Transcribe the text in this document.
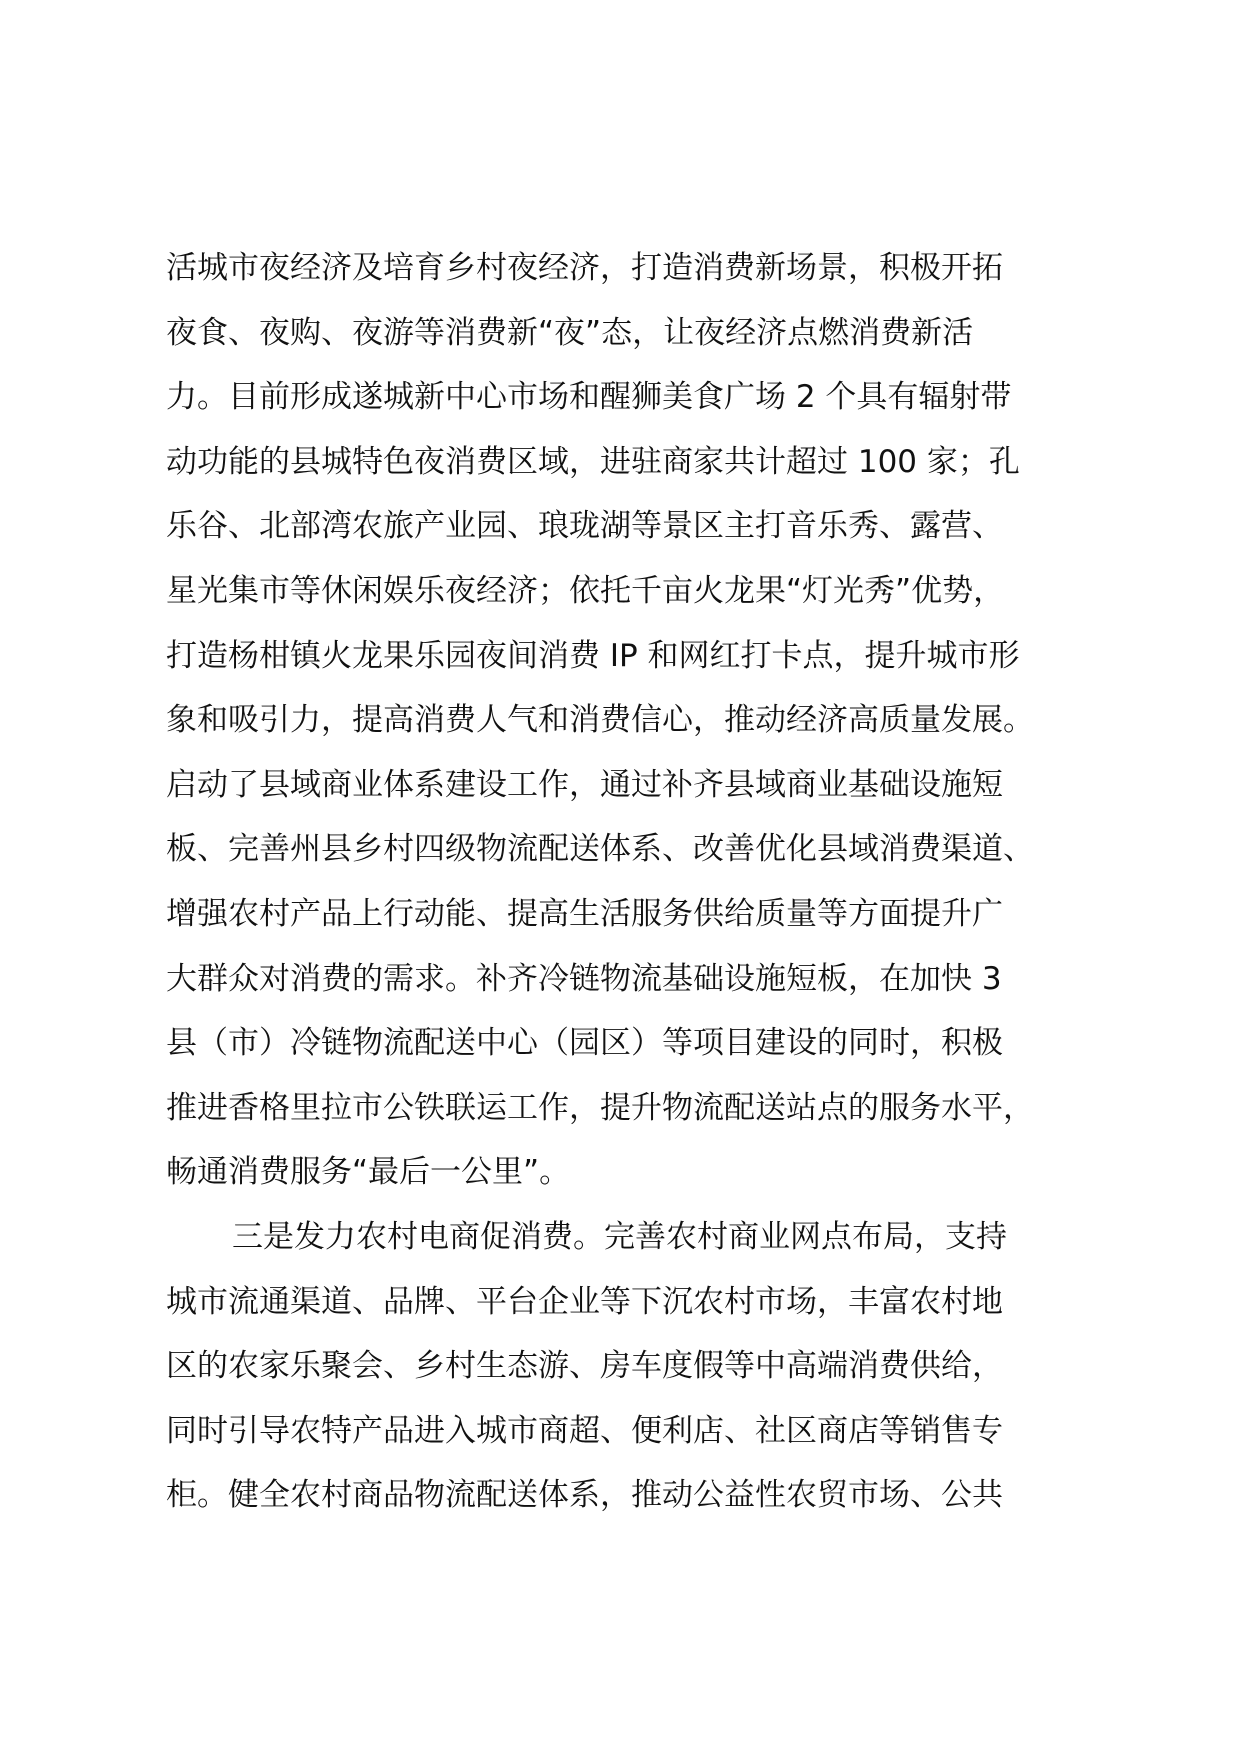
活城市夜经济及培育乡村夜经济，打造消费新场景，积极开拓
夜食、夜购、夜游等消费新“夜”态，让夜经济点燃消费新活
力。目前形成遂城新中心市场和醒狮美食广场 2 个具有辐射带
动功能的县城特色夜消费区域，进驻商家共计超过 100 家；孔
乐谷、北部湾农旅产业园、琅珑湖等景区主打音乐秀、露营、
星光集市等休闲娱乐夜经济；依托千亩火龙果“灯光秀”优势，
打造杨柑镇火龙果乐园夜间消费 IP 和网红打卡点，提升城市形
象和吸引力，提高消费人气和消费信心，推动经济高质量发展。
启动了县域商业体系建设工作，通过补齐县域商业基础设施短
板、完善州县乡村四级物流配送体系、改善优化县域消费渠道、
增强农村产品上行动能、提高生活服务供给质量等方面提升广
大群众对消费的需求。补齐冷链物流基础设施短板，在加快 3
县（市）冷链物流配送中心（园区）等项目建设的同时，积极
推进香格里拉市公铁联运工作，提升物流配送站点的服务水平，
畅通消费服务“最后一公里”。
三是发力农村电商促消费。完善农村商业网点布局，支持
城市流通渠道、品牌、平台企业等下沉农村市场，丰富农村地
区的农家乐聚会、乡村生态游、房车度假等中高端消费供给，
同时引导农特产品进入城市商超、便利店、社区商店等销售专
柜。健全农村商品物流配送体系，推动公益性农贸市场、公共
